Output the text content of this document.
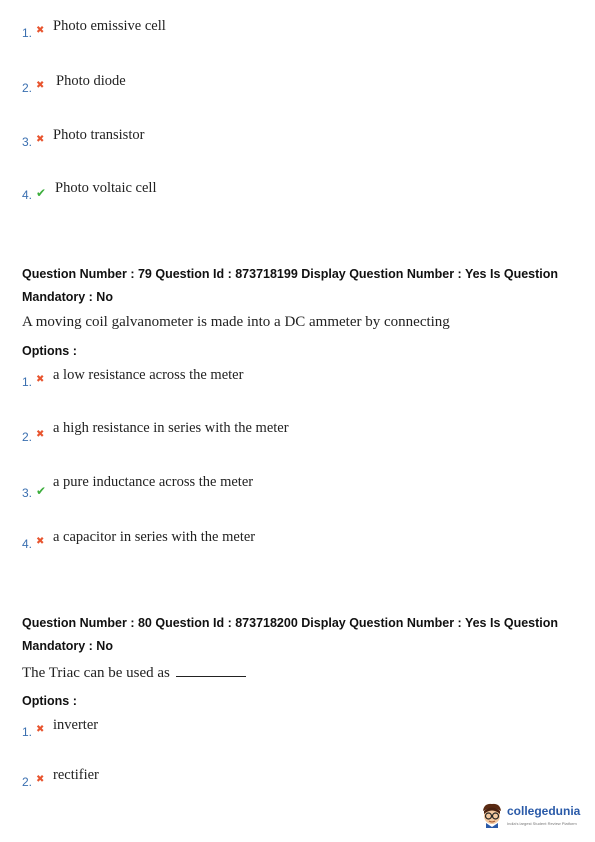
1. ✖ Photo emissive cell
2. ✖ Photo diode
3. ✖ Photo transistor
4. ✔ Photo voltaic cell
Question Number : 79 Question Id : 873718199 Display Question Number : Yes Is Question Mandatory : No
A moving coil galvanometer is made into a DC ammeter by connecting
Options :
1. ✖ a low resistance across the meter
2. ✖ a high resistance in series with the meter
3. ✔
a pure inductance across the meter
4. ✖ a capacitor in series with the meter
Question Number : 80 Question Id : 873718200 Display Question Number : Yes Is Question Mandatory : No
The Triac can be used as
Options :
1. ✖ inverter
2. ✖ rectifier
collegedunia
India's largest Student Review Platform
